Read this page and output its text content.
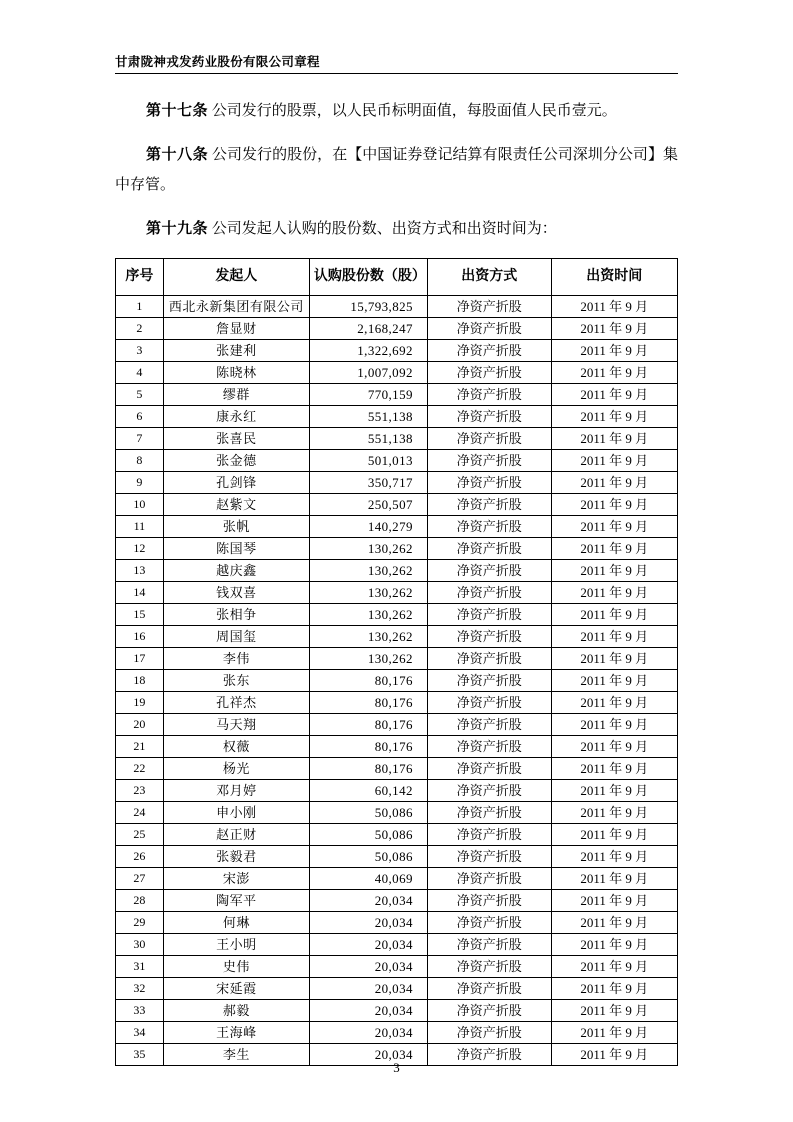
甘肃陇神戎发药业股份有限公司章程

第十七条 公司发行的股票，以人民币标明面值，每股面值人民币壹元。

第十八条 公司发行的股份，在【中国证券登记结算有限责任公司深圳分公司】集中存管。

第十九条 公司发起人认购的股份数、出资方式和出资时间为：

序号	发起人	认购股份数（股）	出资方式	出资时间
1	西北永新集团有限公司	15,793,825	净资产折股	2011 年 9 月
2	詹显财	2,168,247	净资产折股	2011 年 9 月
3	张建利	1,322,692	净资产折股	2011 年 9 月
4	陈晓林	1,007,092	净资产折股	2011 年 9 月
5	缪群	770,159	净资产折股	2011 年 9 月
6	康永红	551,138	净资产折股	2011 年 9 月
7	张喜民	551,138	净资产折股	2011 年 9 月
8	张金德	501,013	净资产折股	2011 年 9 月
9	孔剑锋	350,717	净资产折股	2011 年 9 月
10	赵紫文	250,507	净资产折股	2011 年 9 月
11	张帆	140,279	净资产折股	2011 年 9 月
12	陈国琴	130,262	净资产折股	2011 年 9 月
13	越庆鑫	130,262	净资产折股	2011 年 9 月
14	钱双喜	130,262	净资产折股	2011 年 9 月
15	张相争	130,262	净资产折股	2011 年 9 月
16	周国玺	130,262	净资产折股	2011 年 9 月
17	李伟	130,262	净资产折股	2011 年 9 月
18	张东	80,176	净资产折股	2011 年 9 月
19	孔祥杰	80,176	净资产折股	2011 年 9 月
20	马天翔	80,176	净资产折股	2011 年 9 月
21	权薇	80,176	净资产折股	2011 年 9 月
22	杨光	80,176	净资产折股	2011 年 9 月
23	邓月婷	60,142	净资产折股	2011 年 9 月
24	申小刚	50,086	净资产折股	2011 年 9 月
25	赵正财	50,086	净资产折股	2011 年 9 月
26	张毅君	50,086	净资产折股	2011 年 9 月
27	宋澎	40,069	净资产折股	2011 年 9 月
28	陶军平	20,034	净资产折股	2011 年 9 月
29	何琳	20,034	净资产折股	2011 年 9 月
30	王小明	20,034	净资产折股	2011 年 9 月
31	史伟	20,034	净资产折股	2011 年 9 月
32	宋延霞	20,034	净资产折股	2011 年 9 月
33	郝毅	20,034	净资产折股	2011 年 9 月
34	王海峰	20,034	净资产折股	2011 年 9 月
35	李生	20,034	净资产折股	2011 年 9 月
3
